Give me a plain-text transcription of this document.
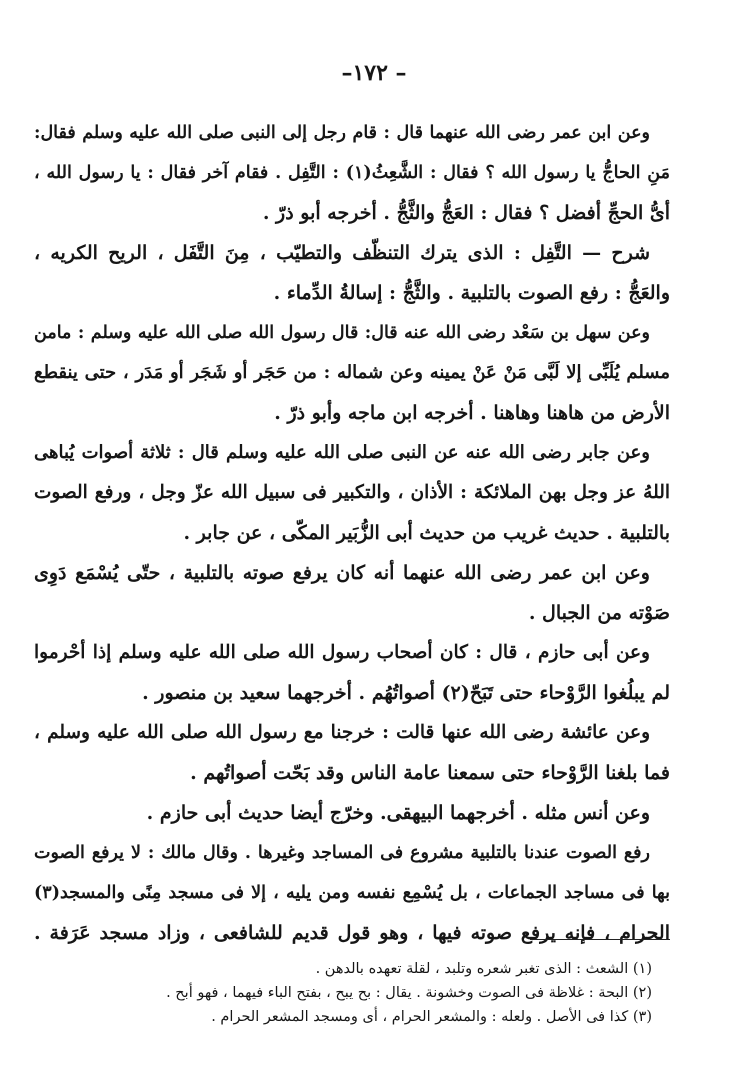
–١٧٢ –
وعن ابن عمر رضى الله عنهما قال : قام رجل إلى النبى صلى الله عليه وسلم فقال:
مَنِ الحاجُّ يا رسول الله ؟ فقال : الشَّعِثُ(١) : التَّفِل . فقام آخر فقال : يا رسول الله ،
أىُّ الحجِّ أفضل ؟ فقال : العَجُّ والثَّجُّ . أخرجه أبو ذرّ .
شرح — التَّفِل : الذى يترك التنظّف والتطيّب ، مِنَ التَّفَل ، الريح الكريه ،
والعَجُّ : رفع الصوت بالتلبية . والثَّجُّ : إسالةُ الدِّماء .
وعن سهل بن سَعْد رضى الله عنه قال: قال رسول الله صلى الله عليه وسلم : مامن
مسلم يُلَبِّى إلا لَبَّى مَنْ عَنْ يمينه وعن شماله : من حَجَر أو شَجَر أو مَدَر ، حتى ينقطع
الأرض من هاهنا وهاهنا . أخرجه ابن ماجه وأبو ذرّ .
وعن جابر رضى الله عنه عن النبى صلى الله عليه وسلم قال : ثلاثة أصوات يُباهى
اللهُ عز وجل بهن الملائكة : الأذان ، والتكبير فى سبيل الله عزّ وجل ، ورفع الصوت
بالتلبية . حديث غريب من حديث أبى الزُّبَير المكّى ، عن جابر .
وعن ابن عمر رضى الله عنهما أنه كان يرفع صوته بالتلبية ، حتّى يُسْمَع دَوِى
صَوْته من الجبال .
وعن أبى حازم ، قال : كان أصحاب رسول الله صلى الله عليه وسلم إذا أحْرموا
لم يبلُغوا الرَّوْحاء حتى تَبَحّ(٢) أصواتُهُم . أخرجهما سعيد بن منصور .
وعن عائشة رضى الله عنها قالت : خرجنا مع رسول الله صلى الله عليه وسلم ،
فما بلغنا الرَّوْحاء حتى سمعنا عامة الناس وقد بَحّت أصواتُهم .
وعن أنس مثله . أخرجهما البيهقى. وخرّج أيضا حديث أبى حازم .
رفع الصوت عندنا بالتلبية مشروع فى المساجد وغيرها . وقال مالك : لا يرفع الصوت
بها فى مساجد الجماعات ، بل يُسْمِع نفسه ومن يليه ، إلا فى مسجد مِنًى والمسجد(٣)
الحرام ، فإنه يرفع صوته فيها ، وهو قول قديم للشافعى ، وزاد مسجد عَرَفة .
(١) الشعث : الذى تغبر شعره وتلبد ، لقلة تعهده بالدهن .
(٢) البحة : غلاظة فى الصوت وخشونة . يقال : بح يبح ، بفتح الباء فيهما ، فهو أبح .
(٣) كذا فى الأصل . ولعله : والمشعر الحرام ، أى ومسجد المشعر الحرام .
